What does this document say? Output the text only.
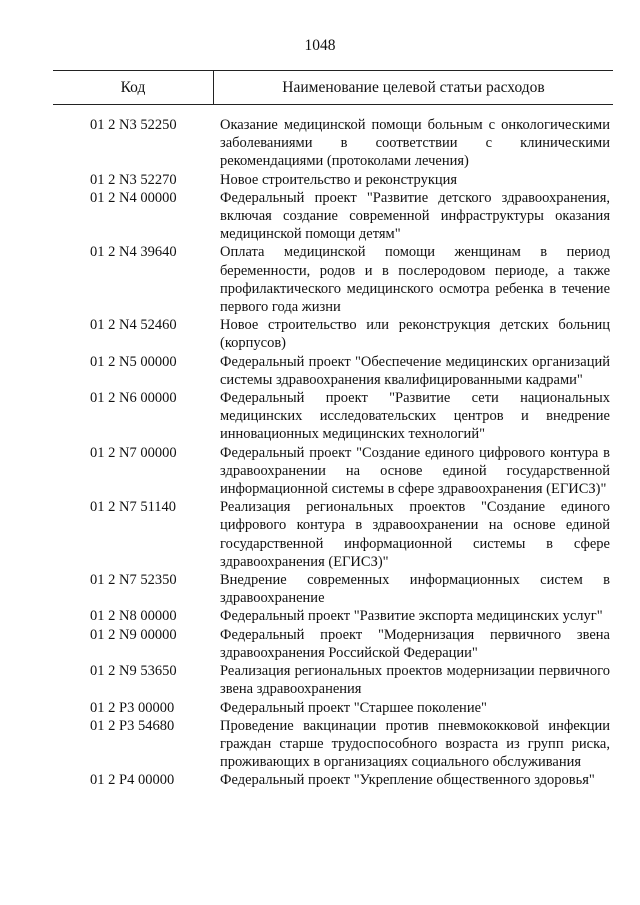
1048
Код	Наименование целевой статьи расходов
01 2 N3 52250	Оказание медицинской помощи больным с онкологическими заболеваниями в соответствии с клиническими рекомендациями (протоколами лечения)
01 2 N3 52270	Новое строительство и реконструкция
01 2 N4 00000	Федеральный проект "Развитие детского здравоохранения, включая создание современной инфраструктуры оказания медицинской помощи детям"
01 2 N4 39640	Оплата медицинской помощи женщинам в период беременности, родов и в послеродовом периоде, а также профилактического медицинского осмотра ребенка в течение первого года жизни
01 2 N4 52460	Новое строительство или реконструкция детских больниц (корпусов)
01 2 N5 00000	Федеральный проект "Обеспечение медицинских организаций системы здравоохранения квалифицированными кадрами"
01 2 N6 00000	Федеральный проект "Развитие сети национальных медицинских исследовательских центров и внедрение инновационных медицинских технологий"
01 2 N7 00000	Федеральный проект "Создание единого цифрового контура в здравоохранении на основе единой государственной информационной системы в сфере здравоохранения (ЕГИСЗ)"
01 2 N7 51140	Реализация региональных проектов "Создание единого цифрового контура в здравоохранении на основе единой государственной информационной системы в сфере здравоохранения (ЕГИСЗ)"
01 2 N7 52350	Внедрение современных информационных систем в здравоохранение
01 2 N8 00000	Федеральный проект "Развитие экспорта медицинских услуг"
01 2 N9 00000	Федеральный проект "Модернизация первичного звена здравоохранения Российской Федерации"
01 2 N9 53650	Реализация региональных проектов модернизации первичного звена здравоохранения
01 2 P3 00000	Федеральный проект "Старшее поколение"
01 2 P3 54680	Проведение вакцинации против пневмококковой инфекции граждан старше трудоспособного возраста из групп риска, проживающих в организациях социального обслуживания
01 2 P4 00000	Федеральный проект "Укрепление общественного здоровья"
